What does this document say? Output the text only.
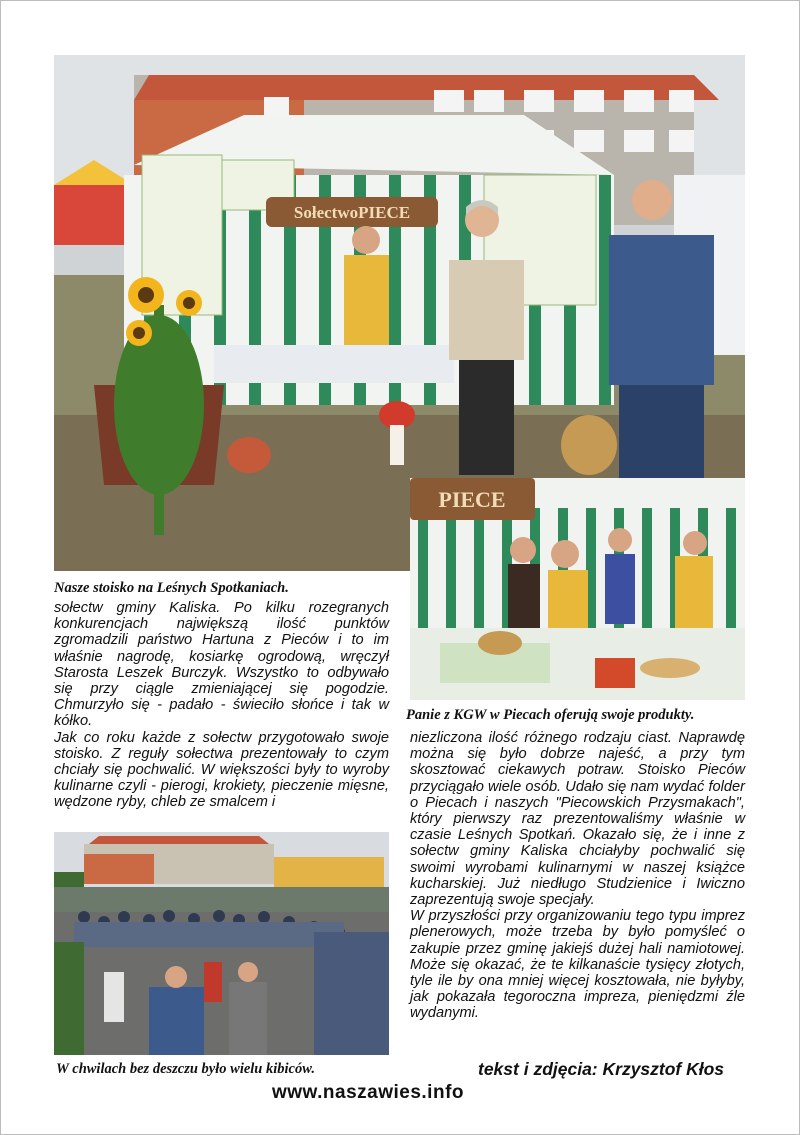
SołectwoPIECE
Nasze stoisko na Leśnych Spotkaniach.
PIECE
Panie z KGW w Piecach oferują swoje produkty.

sołectw gminy Kaliska. Po kilku rozegranych konkurencjach największą ilość punktów zgromadzili państwo Hartuna z Pieców i to im właśnie nagrodę, kosiarkę ogrodową, wręczył Starosta Leszek Burczyk. Wszystko to odbywało się przy ciągle zmieniającej się pogodzie. Chmurzyło się - padało - świeciło słońce i tak w kółko.

Jak co roku każde z sołectw przygotowało swoje stoisko. Z reguły sołectwa prezentowały to czym chciały się pochwalić. W większości były to wyroby kulinarne czyli - pierogi, krokiety, pieczenie mięsne, wędzone ryby, chleb ze smalcem i

niezliczona ilość różnego rodzaju ciast. Naprawdę można się było dobrze najeść, a przy tym skosztować ciekawych potraw. Stoisko Pieców przyciągało wiele osób. Udało się nam wydać folder o Piecach i naszych "Piecowskich Przysmakach", który pierwszy raz prezentowaliśmy właśnie w czasie Leśnych Spotkań. Okazało się, że i inne z sołectw gminy Kaliska chciałyby pochwalić się swoimi wyrobami kulinarnymi w naszej książce kucharskiej. Już niedługo Studzienice i Iwiczno zaprezentują swoje specjały.

W przyszłości przy organizowaniu tego typu imprez plenerowych, może trzeba by było pomyśleć o zakupie przez gminę jakiejś dużej hali namiotowej. Może się okazać, że te kilkanaście tysięcy złotych, tyle ile by ona mniej więcej kosztowała, nie byłyby, jak pokazała tegoroczna impreza, pieniędzmi źle wydanymi.

W chwilach bez deszczu było wielu kibiców.	tekst i zdjęcia: Krzysztof Kłos
www.naszawies.info
